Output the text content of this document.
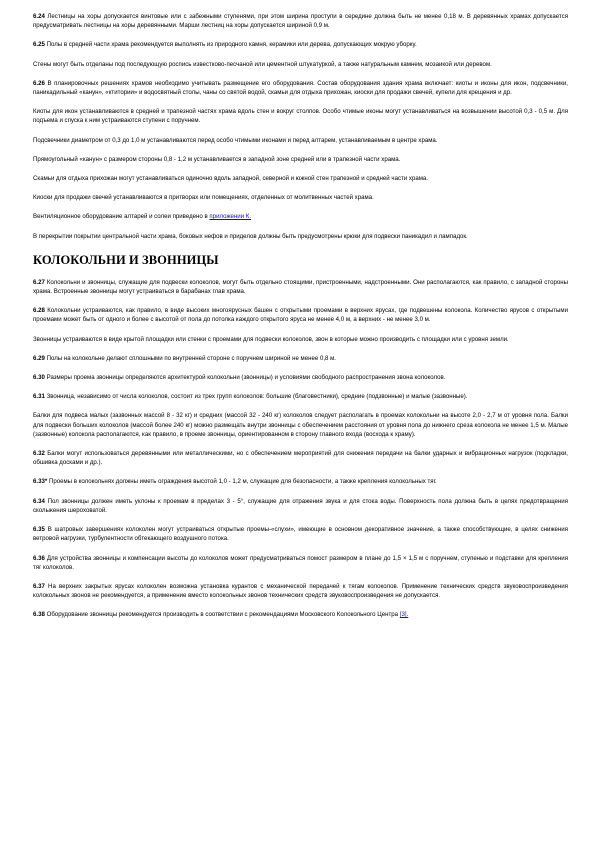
6.24 Лестницы на хоры допускается винтовые или с забежными ступенями, при этом ширина проступи в середине должна быть не менее 0,18 м. В деревянных храмах допускается предусматривать лестницы на хоры деревянными. Марши лестниц на хоры допускается шириной 0,9 м.

6.25 Полы в средней части храма рекомендуется выполнять из природного камня, керамики или дерева, допускающих мокрую уборку.

Стены могут быть отделаны под последующую роспись известково-песчаной или цементной штукатуркой, а также натуральным камнем, мозаикой или деревом.

6.26 В планировочных решениях храмов необходимо учитывать размещение его оборудования. Состав оборудования здания храма включает: киоты и иконы для икон, подсвечники, паникадильный «канун», «ктитории» и водосвятный столы, чаны со святой водой, скамьи для отдыха прихожан, киоски для продажи свечей, купели для крещения и др.

Киоты для икон устанавливаются в средней и трапезной частях храма вдоль стен и вокруг столпов. Особо чтимые иконы могут устанавливаться на возвышении высотой 0,3 - 0,5 м. Для подъема и спуска к ним устраиваются ступени с поручнем.

Подсвечники диаметром от 0,3 до 1,0 м устанавливаются перед особо чтимыми иконами и перед алтарем, устанавливаемым в центре храма.

Прямоугольный «канун» с размером стороны 0,8 - 1,2 м устанавливается в западной зоне средней или в трапезной части храма.

Скамьи для отдыха прихожан могут устанавливаться одиночно вдоль западной, северной и южной стен трапезной и средней части храма.

Киоски для продажи свечей устанавливаются в притворах или помещениях, отделенных от молитвенных частей храма.

Вентиляционное оборудование алтарей и солеи приведено в приложении К.

В перекрытии покрытии центральной части храма, боковых нефов и приделов должны быть предусмотрены крюки для подвески паникадил и лампадок.

КОЛОКОЛЬНИ И ЗВОННИЦЫ

6.27 Колокольни и звонницы, служащие для подвески колоколов, могут быть отдельно стоящими, пристроенными, надстроенными. Они располагаются, как правило, с западной стороны храма. Встроенные звонницы могут устраиваться в барабанах глав храма.

6.28 Колокольни устраиваются, как правило, в виде высоких многоярусных башен с открытыми проемами в верхних ярусах, где подвешены колокола. Количество ярусов с открытыми проемами может быть от одного и более с высотой от пола до потолка каждого открытого яруса не менее 4,0 м, а верхних - не менее 3,0 м.

Звонницы устраиваются в виде крытой площадки или стенки с проемами для подвески колоколов, звон в которые можно производить с площадки или с уровня земли.

6.29 Полы на колокольне делают сплошными по внутренней стороне с поручнем шириной не менее 0,8 м.

6.30 Размеры проема звонницы определяются архитектурой колокольни (звонницы) и условиями свободного распространения звона колоколов.

6.31 Звонница, независимо от числа колоколов, состоит из трех групп колоколов: большие (благовестники), средние (подзвонные) и малые (зазвонные).

Балки для подвеса малых (зазвонных массой 8 - 32 кг) и средних (массой 32 - 240 кг) колоколов следует располагать в проемах колокольни на высоте 2,0 - 2,7 м от уровня пола. Балки для подвески больших колоколов (массой более 240 кг) можно размещать внутри звонницы с обеспечением расстояния от уровня пола до нижнего среза колокола не менее 1,5 м. Малые (зазвонные) колокола располагаются, как правило, в проеме звонницы, ориентированном в сторону главного входа (восхода к храму).

6.32 Балки могут использоваться деревянными или металлическими, но с обеспечением мероприятий для снижения передачи на балки ударных и вибрационных нагрузок (подкладки, обшивка досками и др.).

6.33* Проемы в колокольнях должны иметь ограждения высотой 1,0 - 1,2 м, служащие для безопасности, а также крепления колокольных тяг.

6.34 Пол звонницы должен иметь уклоны к проемам в пределах 3 - 5°, служащие для отражения звука и для стока воды. Поверхность пола должна быть в целях предотвращения скольжения шероховатой.

6.35 В шатровых завершениях колоколен могут устраиваться открытые проемы-«слухи», имеющие в основном декоративное значение, а также способствующие, в целях снижения ветровой нагрузки, турбулентности обтекающего воздушного потока.

6.36 Для устройства звонницы и компенсации высоты до колоколов может предусматриваться помост размером в плане до 1,5 × 1,5 м с поручнем, ступенью и подставки для крепления тяг колоколов.

6.37 На верхних закрытых ярусах колоколен возможна установка курантов с механической передачей к тягам колоколов. Применение технических средств звуковоспроизведения колокольных звонов не рекомендуется, а применение вместо колокольных звонов технических средств звуковоспроизведения не допускается.

6.38 Оборудование звонницы рекомендуется производить в соответствии с рекомендациями Московского Колокольного Центра [3].
